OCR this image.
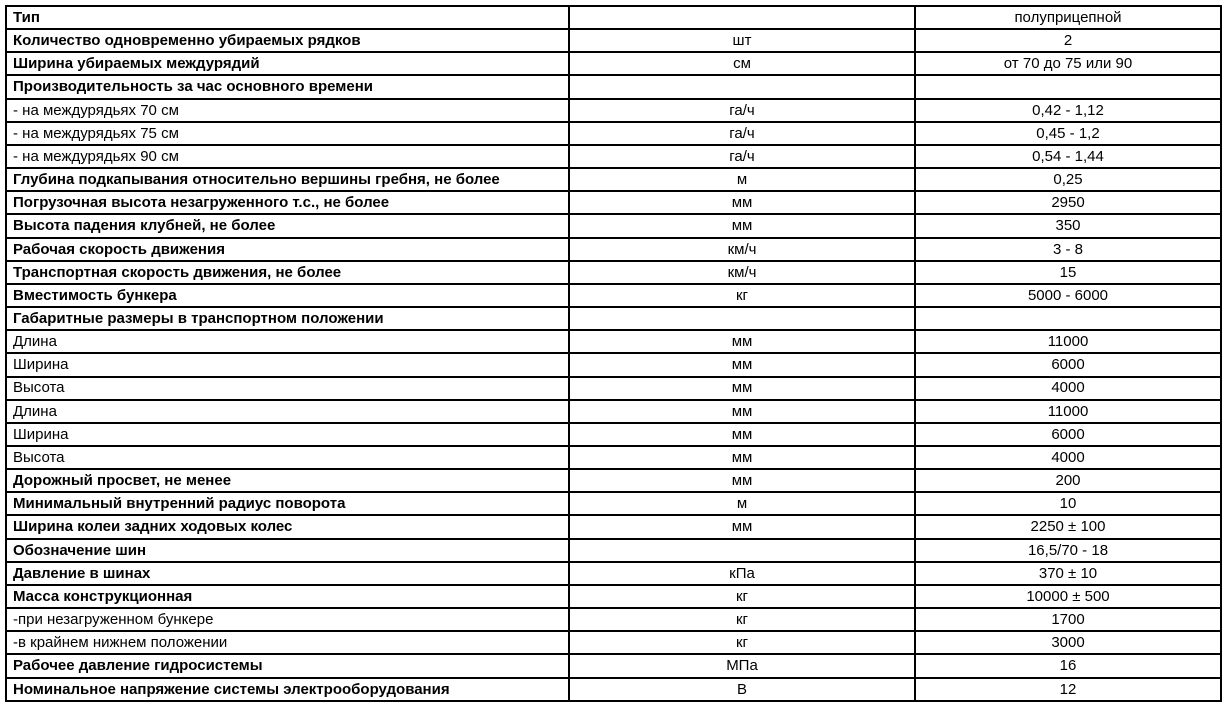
Тип		полуприцепной
Количество одновременно убираемых рядков	шт	2
Ширина убираемых междурядий	см	от 70 до 75 или 90
Производительность за час основного времени		
- на междурядьях 70 см	га/ч	0,42 - 1,12
- на междурядьях 75 см	га/ч	0,45 - 1,2
- на междурядьях 90 см	га/ч	0,54 - 1,44
Глубина подкапывания относительно вершины гребня, не более	м	0,25
Погрузочная высота незагруженного т.с., не более	мм	2950
Высота падения клубней, не более	мм	350
Рабочая скорость движения	км/ч	3 - 8
Транспортная скорость движения, не более	км/ч	15
Вместимость бункера	кг	5000 - 6000
Габаритные размеры в транспортном положении		
Длина	мм	11000
Ширина	мм	6000
Высота	мм	4000
Длина	мм	11000
Ширина	мм	6000
Высота	мм	4000
Дорожный просвет, не менее	мм	200
Минимальный внутренний радиус поворота	м	10
Ширина колеи задних ходовых колес	мм	2250 ± 100
Обозначение шин		16,5/70 - 18
Давление в шинах	кПа	370 ± 10
Масса конструкционная	кг	10000 ± 500
-при незагруженном бункере	кг	1700
-в крайнем нижнем положении	кг	3000
Рабочее давление гидросистемы	МПа	16
Номинальное напряжение системы электрооборудования	В	12
